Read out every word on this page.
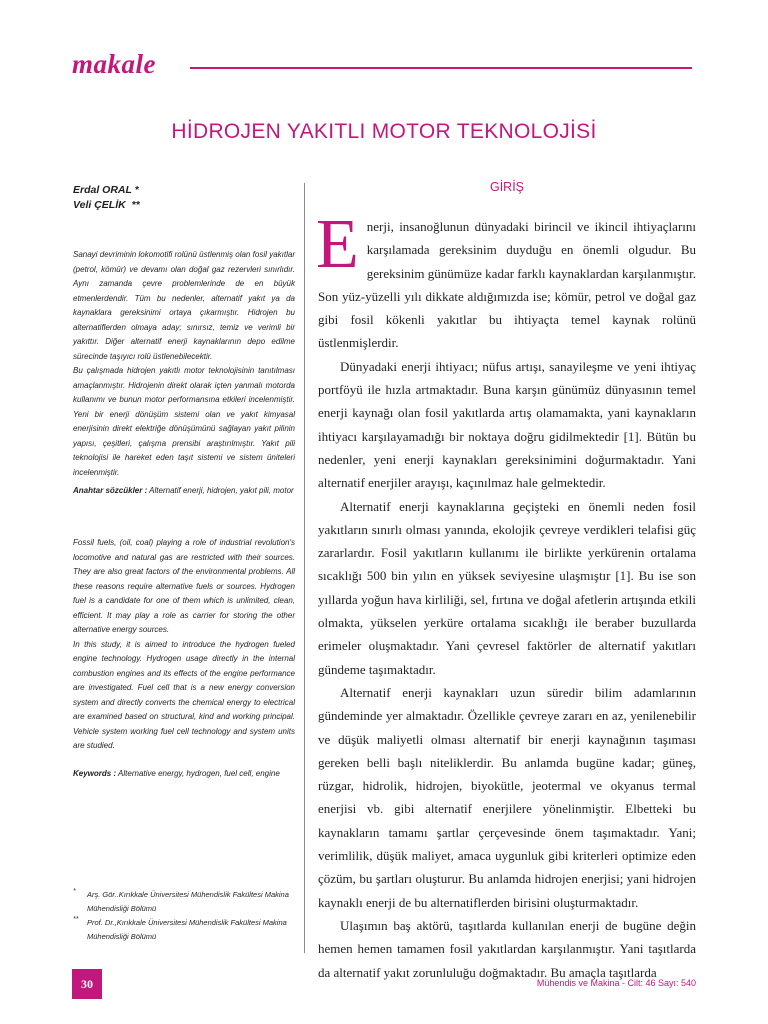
makale
HİDROJEN YAKITLI MOTOR TEKNOLOJİSİ
Erdal ORAL *
Veli ÇELİK  **

Sanayi devriminin lokomotifi rolünü üstlenmiş olan fosil yakıtlar (petrol, kömür) ve devamı olan doğal gaz rezervleri sınırlıdır. Aynı zamanda çevre problemlerinde de en büyük etmenlerdendir. Tüm bu nedenler, alternatif yakıt ya da kaynaklara gereksinimi ortaya çıkarmıştır. Hidrojen bu alternatiflerden olmaya aday; sınırsız, temiz ve verimli bir yakıttır. Diğer alternatif enerji kaynaklarının depo edilme sürecinde taşıyıcı rolü üstlenebilecektir.

Bu çalışmada hidrojen yakıtlı motor teknolojisinin tanıtılması amaçlanmıştır. Hidrojenin direkt olarak içten yanmalı motorda kullanımı ve bunun motor performansına etkileri incelenmiştir. Yeni bir enerji dönüşüm sistemi olan ve yakıt kimyasal enerjisinin direkt elektriğe dönüşümünü sağlayan yakıt pilinin yapısı, çeşitleri, çalışma prensibi araştırılmıştır. Yakıt pili teknolojisi ile hareket eden taşıt sistemi ve sistem üniteleri incelenmiştir.

Anahtar sözcükler : Alternatif enerji, hidrojen, yakıt pili, motor

Fossil fuels, (oil, coal) playing a role of industrial revolution's locomotive and natural gas are restricted with their sources. They are also great factors of the environmental problems. All these reasons require alternative fuels or sources. Hydrogen fuel is a candidate for one of them which is unlimited, clean, efficient. It may play a role as carrier for storing the other alternative energy sources.

In this study, it is aimed to introduce the hydrogen fueled engine technology. Hydrogen usage directly in the internal combustion engines and its effects of the engine performance are investigated. Fuel cell that is a new energy conversion system and directly converts the chemical energy to electrical are examined based on structural, kind and working principal. Vehicle system working fuel cell technology and system units are studied.

Keywords : Alternative energy, hydrogen, fuel cell, engine

* Arş. Gör..Kırıkkale Üniversitesi Mühendislik Fakültesi Makina Mühendisliği Bölümü
** Prof. Dr.,Kırıkkale Üniversitesi Mühendislik Fakültesi Makina Mühendisliği Bölümü
GİRİŞ

Enerji, insanoğlunun dünyadaki birincil ve ikincil ihtiyaçlarını karşılamada gereksinim duyduğu en önemli olgudur. Bu gereksinim günümüze kadar farklı kaynaklardan karşılanmıştır. Son yüz-yüzelli yılı dikkate aldığımızda ise; kömür, petrol ve doğal gaz gibi fosil kökenli yakıtlar bu ihtiyaçta temel kaynak rolünü üstlenmişlerdir.

Dünyadaki enerji ihtiyacı; nüfus artışı, sanayileşme ve yeni ihtiyaç portföyü ile hızla artmaktadır. Buna karşın günümüz dünyasının temel enerji kaynağı olan fosil yakıtlarda artış olamamakta, yani kaynakların ihtiyacı karşılayamadığı bir noktaya doğru gidilmektedir [1]. Bütün bu nedenler, yeni enerji kaynakları gereksinimini doğurmaktadır. Yani alternatif enerjiler arayışı, kaçınılmaz hale gelmektedir.

Alternatif enerji kaynaklarına geçişteki en önemli neden fosil yakıtların sınırlı olması yanında, ekolojik çevreye verdikleri telafisi güç zararlardır. Fosil yakıtların kullanımı ile birlikte yerkürenin ortalama sıcaklığı 500 bin yılın en yüksek seviyesine ulaşmıştır [1]. Bu ise son yıllarda yoğun hava kirliliği, sel, fırtına ve doğal afetlerin artışında etkili olmakta, yükselen yerküre ortalama sıcaklığı ile beraber buzullarda erimeler oluşmaktadır. Yani çevresel faktörler de alternatif yakıtları gündeme taşımaktadır.

Alternatif enerji kaynakları uzun süredir bilim adamlarının gündeminde yer almaktadır. Özellikle çevreye zararı en az, yenilenebilir ve düşük maliyetli olması alternatif bir enerji kaynağının taşıması gereken belli başlı niteliklerdir. Bu anlamda bugüne kadar; güneş, rüzgar, hidrolik, hidrojen, biyokütle, jeotermal ve okyanus termal enerjisi vb. gibi alternatif enerjilere yönelinmiştir. Elbetteki bu kaynakların tamamı şartlar çerçevesinde önem taşımaktadır. Yani; verimlilik, düşük maliyet, amaca uygunluk gibi kriterleri optimize eden çözüm, bu şartları oluşturur. Bu anlamda hidrojen enerjisi; yani hidrojen kaynaklı enerji de bu alternatiflerden birisini oluşturmaktadır.

Ulaşımın baş aktörü, taşıtlarda kullanılan enerji de bugüne değin hemen hemen tamamen fosil yakıtlardan karşılanmıştır. Yani taşıtlarda da alternatif yakıt zorunluluğu doğmaktadır. Bu amaçla taşıtlarda

30	Mühendis ve Makina - Cilt: 46 Sayı: 540
